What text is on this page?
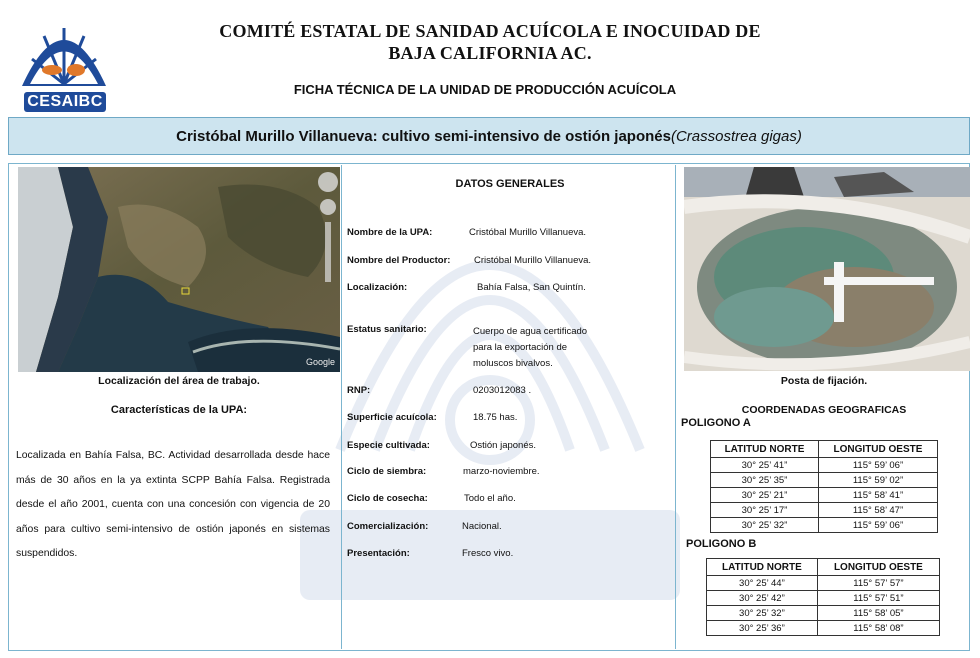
CESAIBC
COMITÉ ESTATAL DE SANIDAD ACUÍCOLA E INOCUIDAD DE
BAJA CALIFORNIA AC.
FICHA TÉCNICA DE LA UNIDAD DE PRODUCCIÓN ACUÍCOLA
Cristóbal Murillo Villanueva: cultivo semi-intensivo de ostión japonés(Crassostrea gigas)
Google
Localización del área de trabajo.
Características de la UPA:
Localizada en Bahía Falsa, BC. Actividad desarrollada desde hace más de 30 años en la ya extinta SCPP Bahía Falsa. Registrada desde el año 2001, cuenta con una concesión con vigencia de 20 años para cultivo semi-intensivo de ostión japonés en sistemas suspendidos.
DATOS GENERALES
Nombre de la UPA:	Cristóbal Murillo Villanueva.
Nombre del Productor:	Cristóbal Murillo Villanueva.
Localización:	Bahía Falsa, San Quintín.
Estatus sanitario:	Cuerpo de agua certificado
para la exportación de
moluscos bivalvos.
RNP:	0203012083 .
Superficie acuícola:	18.75 has.
Especie cultivada:	Ostión japonés.
Ciclo de siembra:	marzo-noviembre.
Ciclo de cosecha:	Todo el año.
Comercialización:	Nacional.
Presentación:	Fresco vivo.
Posta de fijación.
COORDENADAS GEOGRAFICAS
POLIGONO A
LATITUD NORTE	LONGITUD OESTE
30° 25’ 41”	115° 59’ 06”
30° 25’ 35”	115° 59’ 02”
30° 25’ 21”	115° 58’ 41”
30° 25’ 17”	115° 58’ 47”
30° 25’ 32”	115° 59’ 06”
POLIGONO B
LATITUD NORTE	LONGITUD OESTE
30° 25’ 44”	115° 57’ 57”
30° 25’ 42”	115° 57’ 51”
30° 25’ 32”	115° 58’ 05”
30° 25’ 36”	115° 58’ 08”
